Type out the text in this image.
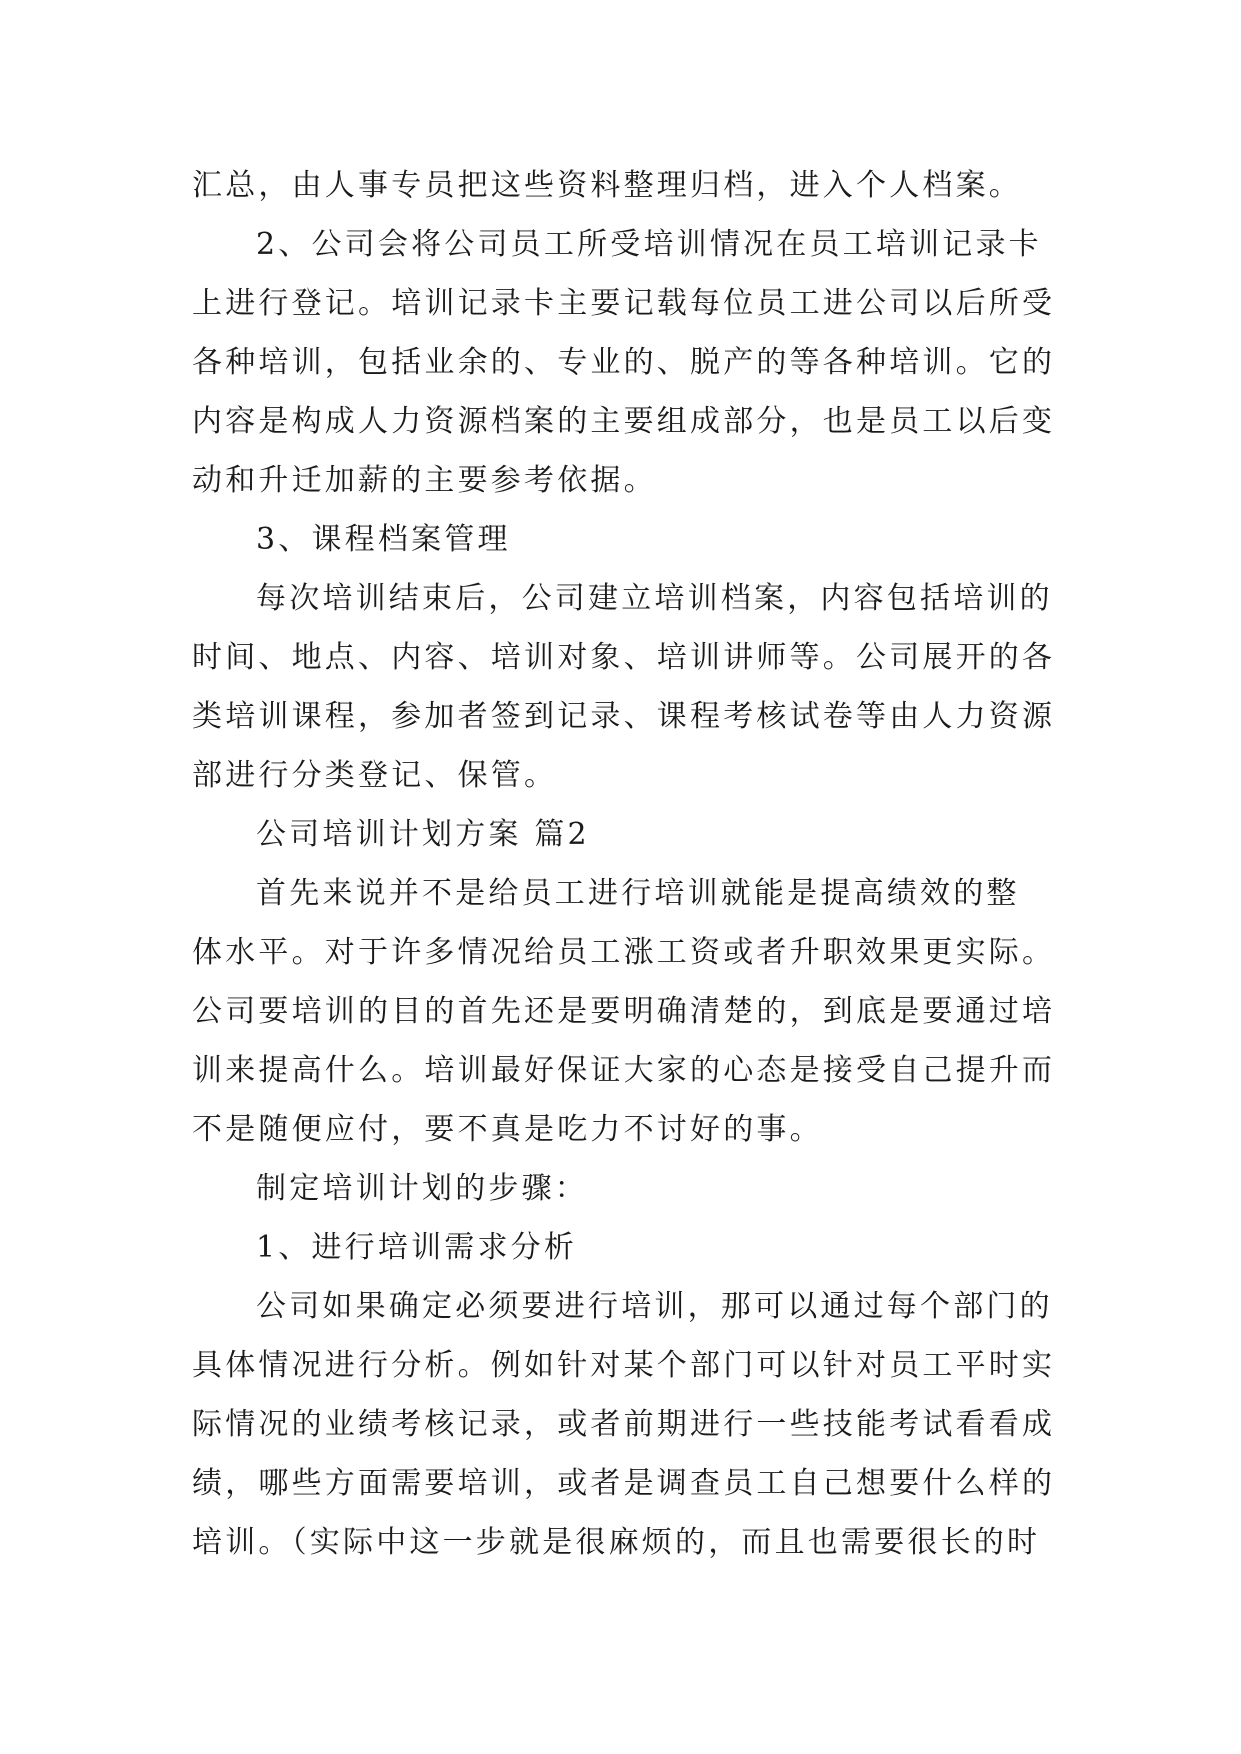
汇总，由人事专员把这些资料整理归档，进入个人档案。
2、公司会将公司员工所受培训情况在员工培训记录卡
上进行登记。培训记录卡主要记载每位员工进公司以后所受
各种培训，包括业余的、专业的、脱产的等各种培训。它的
内容是构成人力资源档案的主要组成部分，也是员工以后变
动和升迁加薪的主要参考依据。
3、课程档案管理
每次培训结束后，公司建立培训档案，内容包括培训的
时间、地点、内容、培训对象、培训讲师等。公司展开的各
类培训课程，参加者签到记录、课程考核试卷等由人力资源
部进行分类登记、保管。
公司培训计划方案 篇2
首先来说并不是给员工进行培训就能是提高绩效的整
体水平。对于许多情况给员工涨工资或者升职效果更实际。
公司要培训的目的首先还是要明确清楚的，到底是要通过培
训来提高什么。培训最好保证大家的心态是接受自己提升而
不是随便应付，要不真是吃力不讨好的事。
制定培训计划的步骤：
1、进行培训需求分析
公司如果确定必须要进行培训，那可以通过每个部门的
具体情况进行分析。例如针对某个部门可以针对员工平时实
际情况的业绩考核记录，或者前期进行一些技能考试看看成
绩，哪些方面需要培训，或者是调查员工自己想要什么样的
培训。（实际中这一步就是很麻烦的，而且也需要很长的时
